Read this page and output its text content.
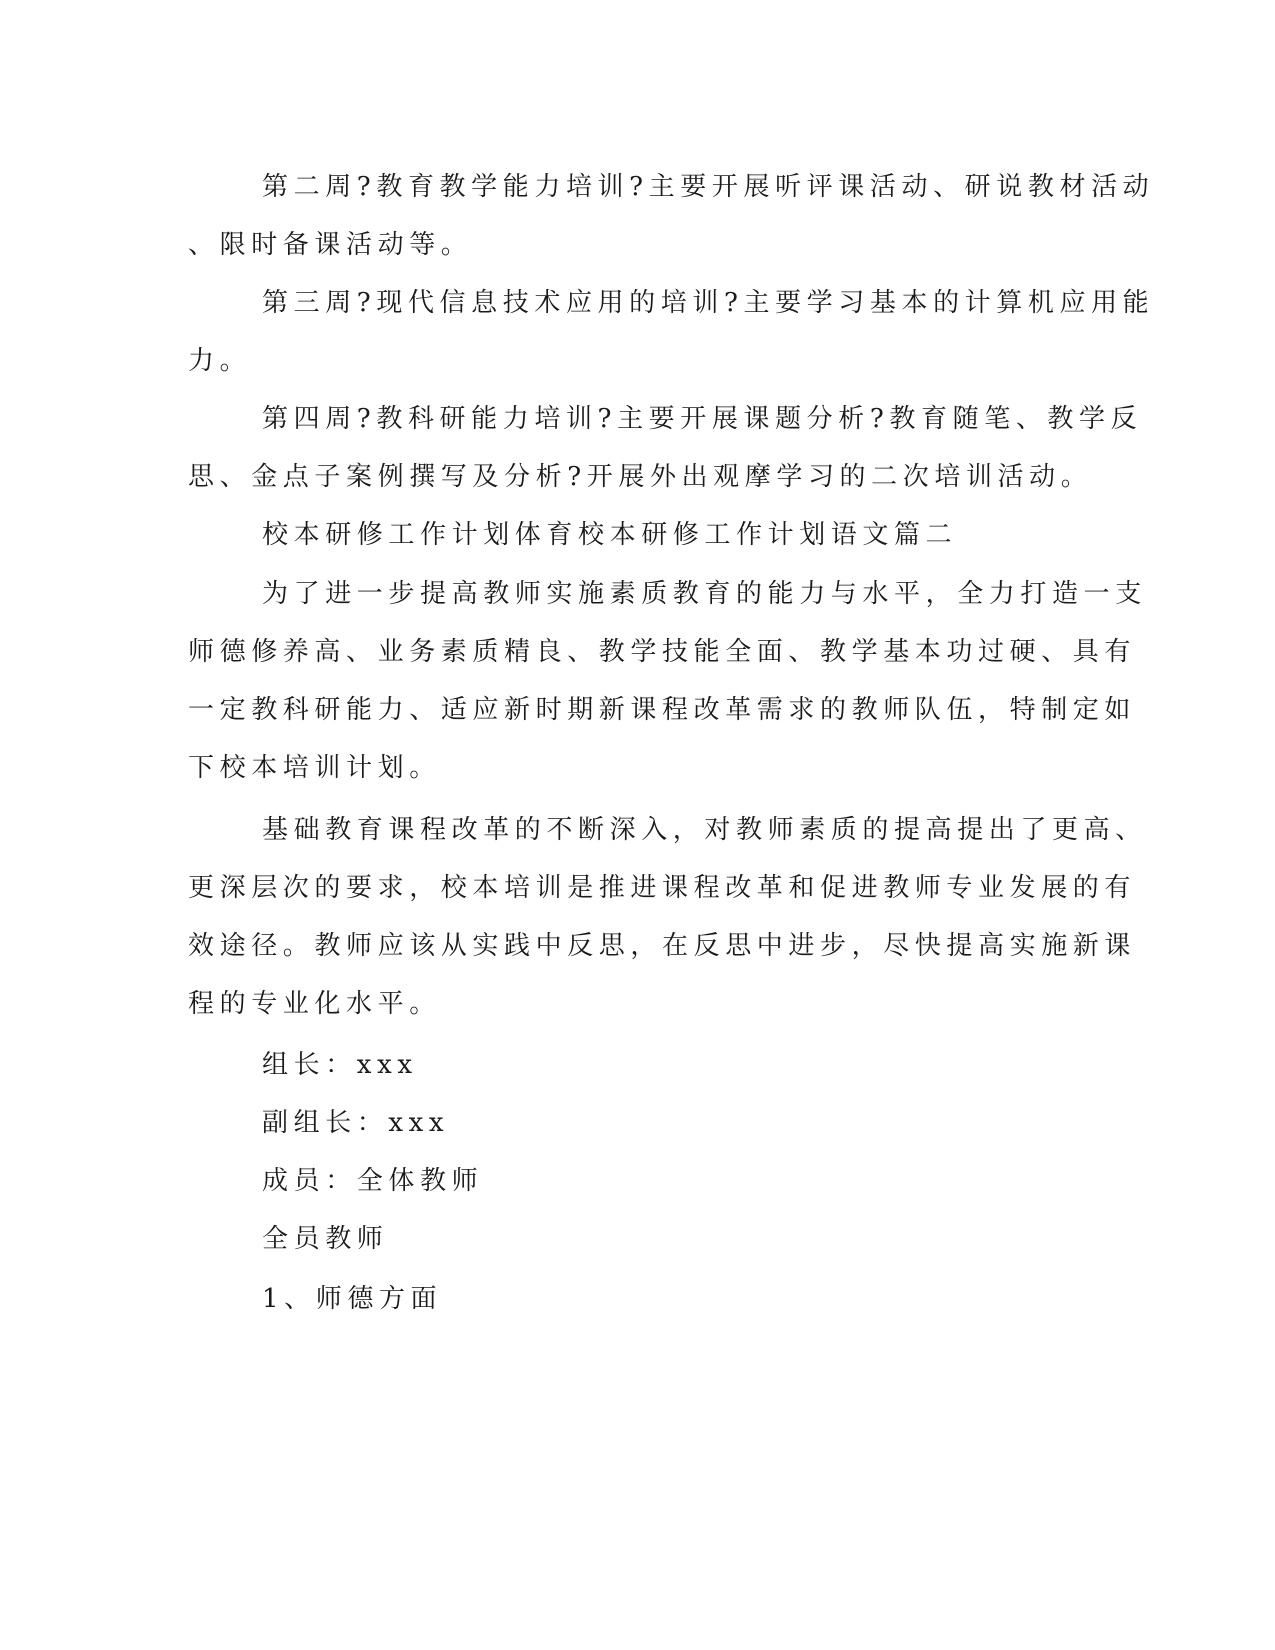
第二周?教育教学能力培训?主要开展听评课活动、研说教材活动
、限时备课活动等。
第三周?现代信息技术应用的培训?主要学习基本的计算机应用能
力。
第四周?教科研能力培训?主要开展课题分析?教育随笔、教学反
思、金点子案例撰写及分析?开展外出观摩学习的二次培训活动。
校本研修工作计划体育校本研修工作计划语文篇二
为了进一步提高教师实施素质教育的能力与水平，全力打造一支
师德修养高、业务素质精良、教学技能全面、教学基本功过硬、具有
一定教科研能力、适应新时期新课程改革需求的教师队伍，特制定如
下校本培训计划。
基础教育课程改革的不断深入，对教师素质的提高提出了更高、
更深层次的要求，校本培训是推进课程改革和促进教师专业发展的有
效途径。教师应该从实践中反思，在反思中进步，尽快提高实施新课
程的专业化水平。
组长：xxx
副组长：xxx
成员：全体教师
全员教师
1、师德方面
